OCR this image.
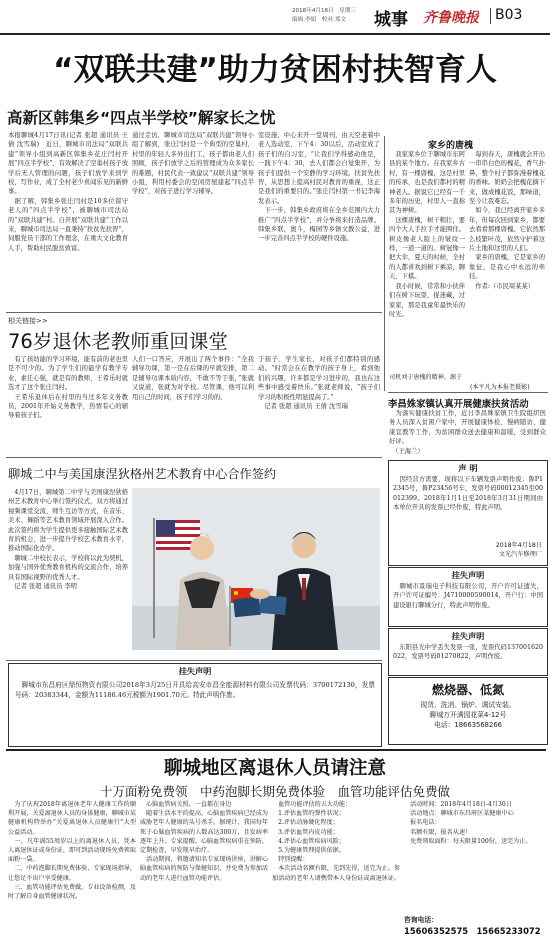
2018年4月18日　星期三
编辑:李娟　校对:郑文 城事 齐鲁晚报 B03
“双联共建”助力贫困村扶智育人
高新区韩集乡“四点半学校”解家长之忧
本报聊城4月17日讯(记者 张超 通讯员 王倩 沈雪瑞)　近日，聊城市司法局“双联共建”领导小组到高新区韩集乡花庄闫村开展“四点半学校”，有效解决了空巢村孩子放学后无人管理的问题，孩子们放学来到学校，写作业，成了全村老少喜闻乐见的新鲜事。
　据了解，韩集乡张庄闫村是10多位留守老人的“四点半学校”，被聊城市司法局的“双联共建”村。自开展“双联共建”工作以来，聊城市司法局一直秉持“扶贫先扶智”，伺服党员干部的工作理念，在重大文化教育人手，帮助村民脱贫致富。
通过走访，聊城市司法局“双联共建”领导小组了解到，张庄闫村是一个典型的空巢村，村里的年轻人多外出打工，孩子都由老人们照顾，孩子们放学之后的管理成为众多家长的难题，村民代表一致建议“双联共建”领导小组，利用村委会的空闲房屋建起“四点半学校”，对孩子进行学习辅导。
室设施，中心来开一堂周刊，由天空老着中老人选动室，下午4：30以后，活动室成了孩子们的自习室，“让我们学得感动他是，一践下午4：30，去人们都会自觉集开，为孩子们提供一个安静的学习环境。扶贫先扶智，从思想上提高村民对教育的重视，这正是我们的重要目的。”张庄闫村第一书记李海发表示。
　下一步，韩集乡政府将在全乡范围内大力推广“四点半学校”，并分争将来打造品牌。韩集乡联，奥斗，梅园等乡镇文教公益，进一步完善四点半学校的硬件设施。
家乡的唐槐
　我家家乡位于聊城市东阿县的某个地方。在我家乡古村，有一棵唐槐，这是村里的传承，也是我们都村的精神老人。据说它已经有一千多年的历史，村里人一直称其为神树。
　这棵唐槐，树干粗壮，要四个大人手拉手才能围住。树皮像老人脸上的皱纹一样，一道一道的。树冠像一把大伞，夏天的时候，全村的人都喜欢到树下乘凉，聊天，下棋。
　我小时候，常常和小伙伴们在树下玩耍，捉迷藏，过家家，那是我童年最快乐的时光。
　每到春天，唐槐就会开出一串串白色的槐花，香气扑鼻，整个村子都弥漫着槐花的香味。奶奶会把槐花摘下来，做成槐花饭，那味道，至今让我难忘。
　如今，我已经离开家乡多年，但每次回到家乡，都要去看看那棵唐槐。它依然那么枝繁叶茂，依然守护着这片土地和这里的人们。
　家乡的唐槐，它是家乡的象征，是我心中永远的牵挂。
　作者:（市民周某某）
司机刘于唐槐的精神，源于
(本平凡为本报老摄影)
李昌姝家镇认真开展健康扶贫活动
　为落实健康扶贫工作，近日李昌姝家镇卫生院组织医务人员深入贫困户家中，开展健康体检、慢病随访、健康宣教等工作，为贫困群众送去健康和温暖，受到群众好评。
　（王海兰）
相关链接>>
76岁退休老教师重回课堂
　有了孩幼能的学习环境，能有前的老也里是不可少的。为了学生们的能学有教学专业，素任心强，就是有的教师，王希乐时就选才了这个张庄闫村。
　王希乐退休后在村里的当过多年义务教员，2001年开始义务教学，热情有心的辅导着孩子们。
人们一口答应，开展出了两个事件：“全我辅导功课，第一是在后课的早就安排，第二是辅导功课本质内容，不敢不等于张，”张就又说道，张就为对学校。尽管课，他可以利用自己的时间，孩子们学习的的。
于孩子、学生家长，对孩子们都特别的感动。“时常会在在教学的孩子身上，看到他们的兴趣，许多都是学习进步的，我也在这些事中感受着快乐。”张就老师说，“孩子们学习的积极性明显提高了。”
　记者 张超 通讯员 王倩 沈雪瑞
聊城二中与美国康涅狄格州艺术教育中心合作签约
　4月17日，聊城第二中学与美国康涅狄格州艺术教育中心举行签约仪式，双方将通过视频课堂交流、师生互访等方式，在音乐、美术、舞蹈等艺术教育领域开展深入合作。此次签约将为学生提供更多接触国际艺术教育的机会，进一步提升学校艺术教育水平，推动国际化办学。
　聊城二中校长表示，学校将以此为契机，加强与国外优秀教育机构的交流合作，培养具有国际视野的优秀人才。
　记者 张超 通讯员 李明
挂失声明
　聊城市东昌府区鼎恒物资有限公司2018年3月25日开具给高安市昌全能源材料有限公司发票代码：3700172130，发票号码：20383344，金额为11186.46元税额为1901.70元。特此声明作废。
声 明
　因经营方需要，现将以下车辆发票声明作废：鲁P12345号，鲁P23456号车，发票号码00012345至00012399。2018年1月1日至2018年3月31日期间由本单位开具的发票已经作废，特此声明。
2018年4月18日
文光汽车修理厂
挂失声明
　聊城市景瑞电子科技有限公司，开户许可证遗失，开户许可证编号：J4710000590014，开户行：中国建设银行聊城分行，特此声明作废。
挂失声明
　东阳县光中学丢失发票一张，发票代码137001620022，发票号码01270822，声明作废。
燃烧器、低氮
现货、洗消、锅炉、调试安装。
聊城万开满园花菜4-12号
电话：18663568266
聊城地区离退休人员请注意
十万面粉免费领　中药泡脚长期免费体验　血管功能评估免费做
　为了庆祝2018年离退休老年人健康工作的顺利开展，关爱离退休人员的身体健康，聊城市某健康机构特举办“关爱离退休人员健康行”大型公益活动。
　一、凡年满55周岁以上的离退休人员，凭本人离退休证或身份证，即可到活动现场免费领取面粉一袋。
　二、中药泡脚长期免费体验，专家现场指导，让您足不出户享受健康。
　三、血管功能评估免费做，专业设备检测，及时了解自身血管健康状况。
　心脑血管病关照，一直都在身边
　随着生活水平的提高，心脑血管疾病已经成为威胁老年人健康的头号杀手。据统计，我国每年死于心脑血管疾病的人数高达300万，且发病率逐年上升。专家提醒，心脑血管疾病重在预防，定期检查，早发现早治疗。
　活动期间，将邀请知名专家现场讲座，讲解心脑血管疾病的预防与保健知识，并免费为参加活动的老年人进行血管功能评估。
　血管功能评估的五大功能：
　1.评估血管的弹性状况；
　2.评估动脉硬化程度；
　3.评估血管内皮功能；
　4.评估心血管疾病风险；
　5.为健康管理提供依据。
　特别提醒：
　本次活动名额有限，先到先得，送完为止。参加活动的老年人请携带本人身份证或离退休证。
　活动时间：2018年4月18日-4月30日
　活动地点：聊城市东昌府区某健康中心
　报名电话：
　名额有限，报名从速！
　免费领取面粉：每天限量100份，送完为止。
咨询电话：
15606352575　15665233072
